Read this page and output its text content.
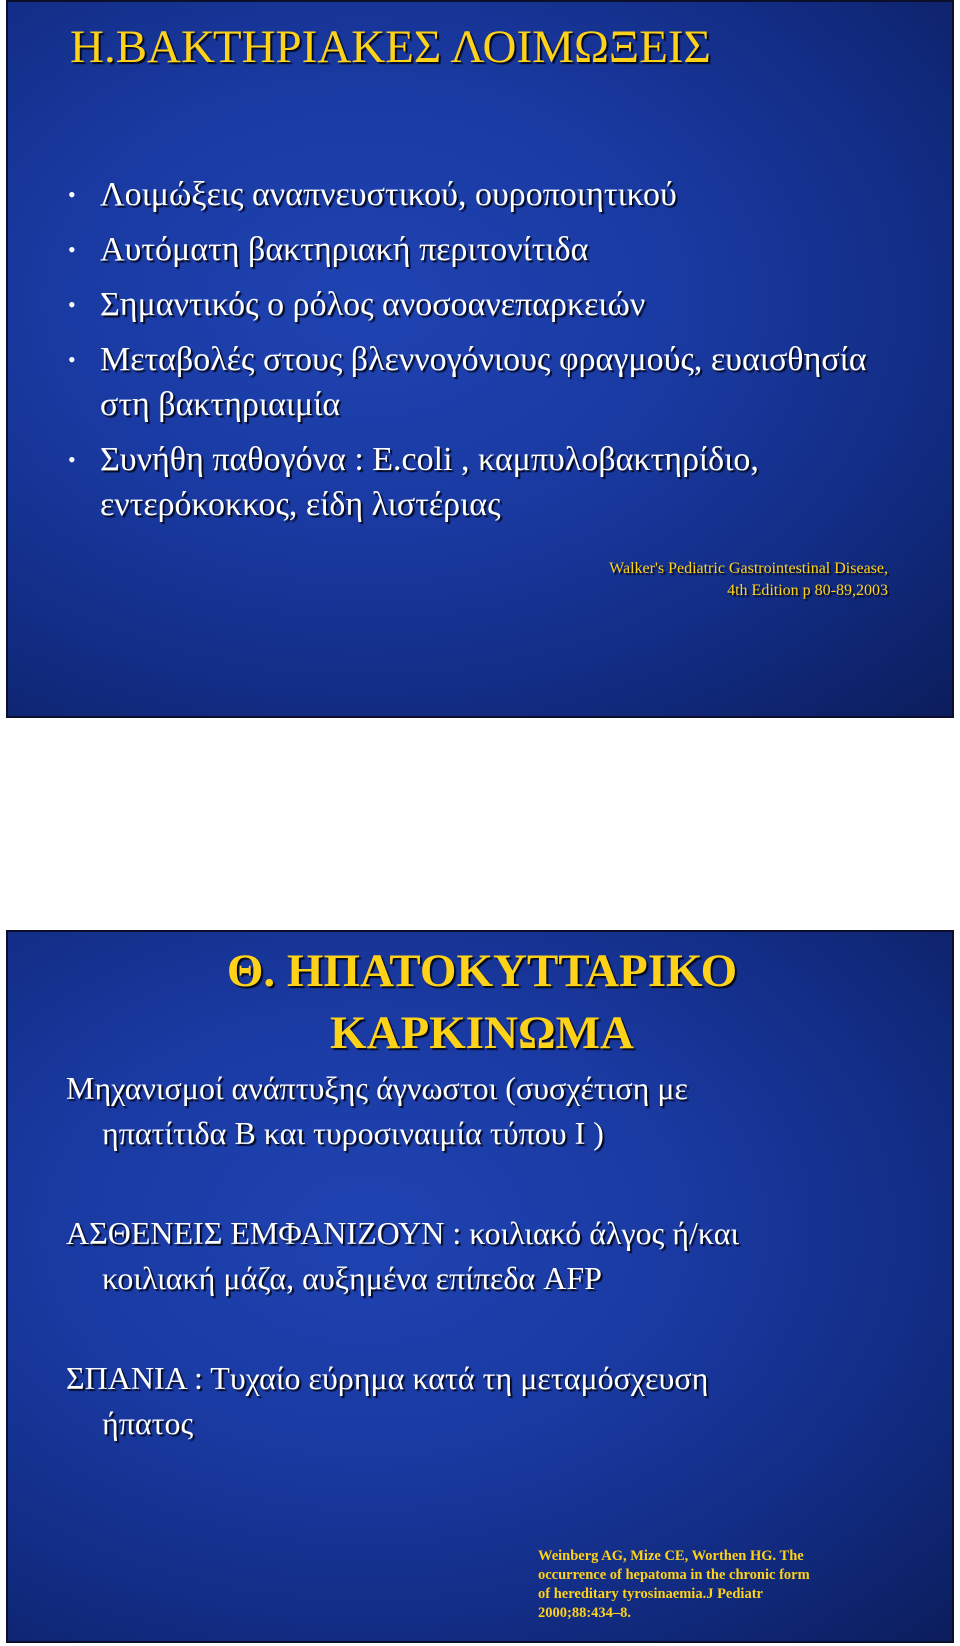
Η.ΒΑΚΤΗΡΙΑΚΕΣ ΛΟΙΜΩΞΕΙΣ
• Λοιμώξεις αναπνευστικού, ουροποιητικού
• Αυτόματη βακτηριακή περιτονίτιδα
• Σημαντικός ο ρόλος ανοσοανεπαρκειών
• Μεταβολές στους βλεννογόνιους φραγμούς, ευαισθησία στη βακτηριαιμία
• Συνήθη παθογόνα : E.coli , καμπυλοβακτηρίδιο, εντερόκοκκος, είδη λιστέριας
Walker's Pediatric Gastrointestinal Disease,
4th Edition p 80-89,2003
Θ. ΗΠΑΤΟΚΥΤΤΑΡΙΚΟ
ΚΑΡΚΙΝΩΜΑ
Μηχανισμοί ανάπτυξης άγνωστοι (συσχέτιση με
ηπατίτιδα Β και τυροσιναιμία τύπου Ι )
ΑΣΘΕΝΕΙΣ ΕΜΦΑΝΙΖΟΥΝ : κοιλιακό άλγος ή/και
κοιλιακή μάζα, αυξημένα επίπεδα AFP
ΣΠΑΝΙΑ : Τυχαίο εύρημα κατά τη μεταμόσχευση
ήπατος
Weinberg AG, Mize CE, Worthen HG. The
occurrence of hepatoma in the chronic form
of hereditary tyrosinaemia.J Pediatr
2000;88:434–8.
